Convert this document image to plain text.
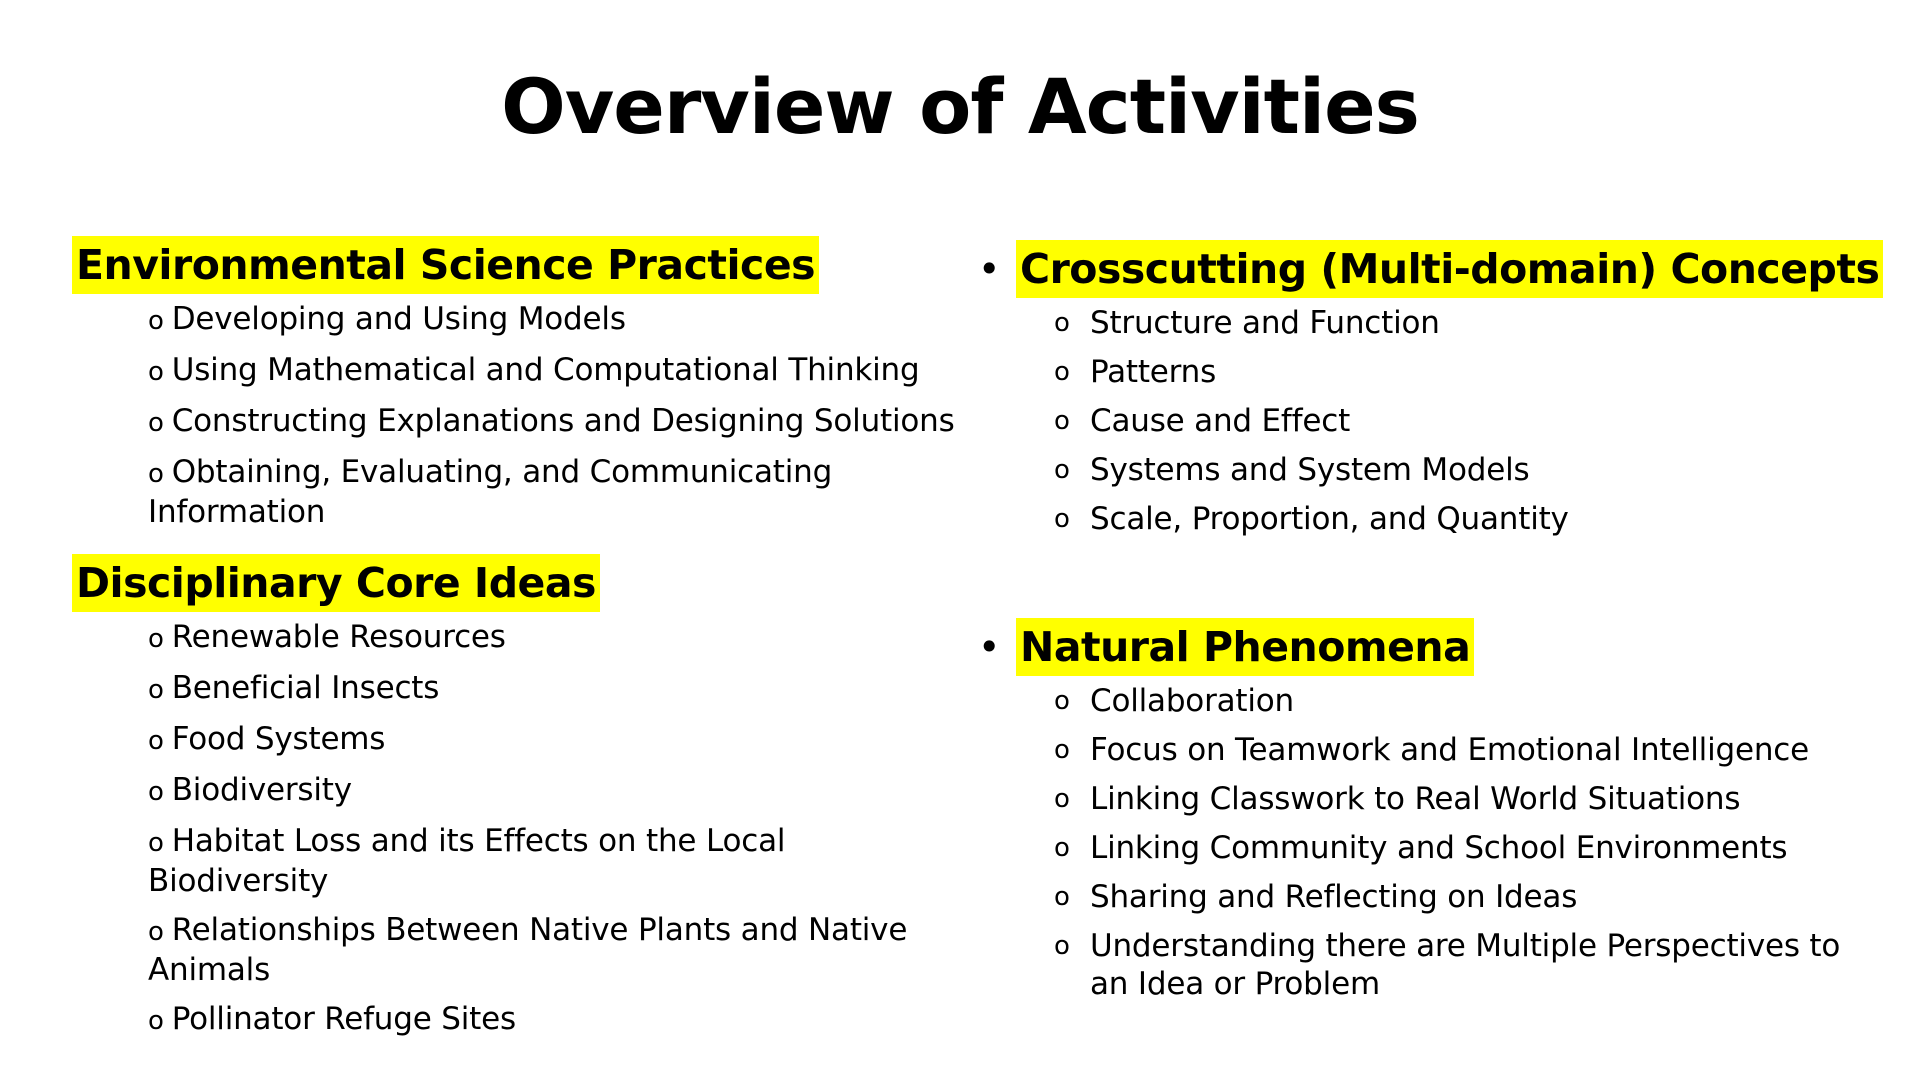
Overview of Activities
Environmental Science Practices
o Developing and Using Models
o Using Mathematical and Computational Thinking
o Constructing Explanations and Designing Solutions
o Obtaining, Evaluating, and Communicating Information
Disciplinary Core Ideas
o Renewable Resources
o Beneficial Insects
o Food Systems
o Biodiversity
o Habitat Loss and its Effects on the Local Biodiversity
o Relationships Between Native Plants and Native Animals
o Pollinator Refuge Sites
• Crosscutting (Multi-domain) Concepts
o Structure and Function
o Patterns
o Cause and Effect
o Systems and System Models
o Scale, Proportion, and Quantity
• Natural Phenomena
o Collaboration
o Focus on Teamwork and Emotional Intelligence
o Linking Classwork to Real World Situations
o Linking Community and School Environments
o Sharing and Reflecting on Ideas
o Understanding there are Multiple Perspectives to an Idea or Problem
